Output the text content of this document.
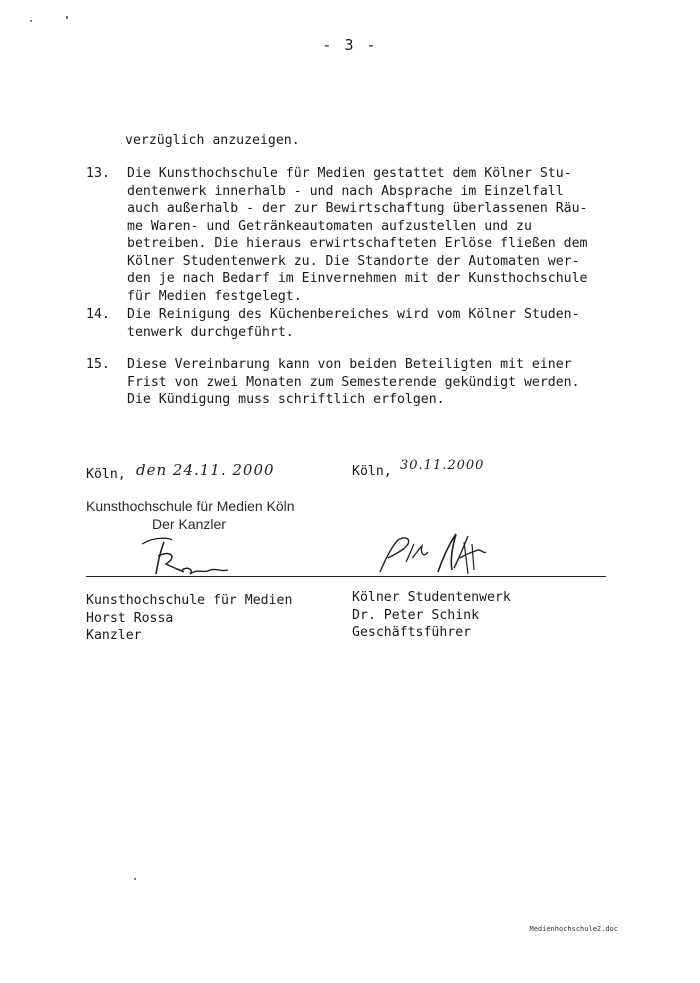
- 3 -
verzüglich anzuzeigen.
13. Die Kunsthochschule für Medien gestattet dem Kölner Stu-
dentenwerk innerhalb - und nach Absprache im Einzelfall
auch außerhalb - der zur Bewirtschaftung überlassenen Räu-
me Waren- und Getränkeautomaten aufzustellen und zu
betreiben. Die hieraus erwirtschafteten Erlöse fließen dem
Kölner Studentenwerk zu. Die Standorte der Automaten wer-
den je nach Bedarf im Einvernehmen mit der Kunsthochschule
für Medien festgelegt.
14. Die Reinigung des Küchenbereiches wird vom Kölner Studen-
tenwerk durchgeführt.
15. Diese Vereinbarung kann von beiden Beteiligten mit einer
Frist von zwei Monaten zum Semesterende gekündigt werden.
Die Kündigung muss schriftlich erfolgen.
Köln, den 24.11. 2000	Köln, 30.11.2000
Kunsthochschule für Medien Köln
Der Kanzler
Kunsthochschule für Medien
Horst Rossa
Kanzler
Kölner Studentenwerk
Dr. Peter Schink
Geschäftsführer
Medienhochschule2.doc
